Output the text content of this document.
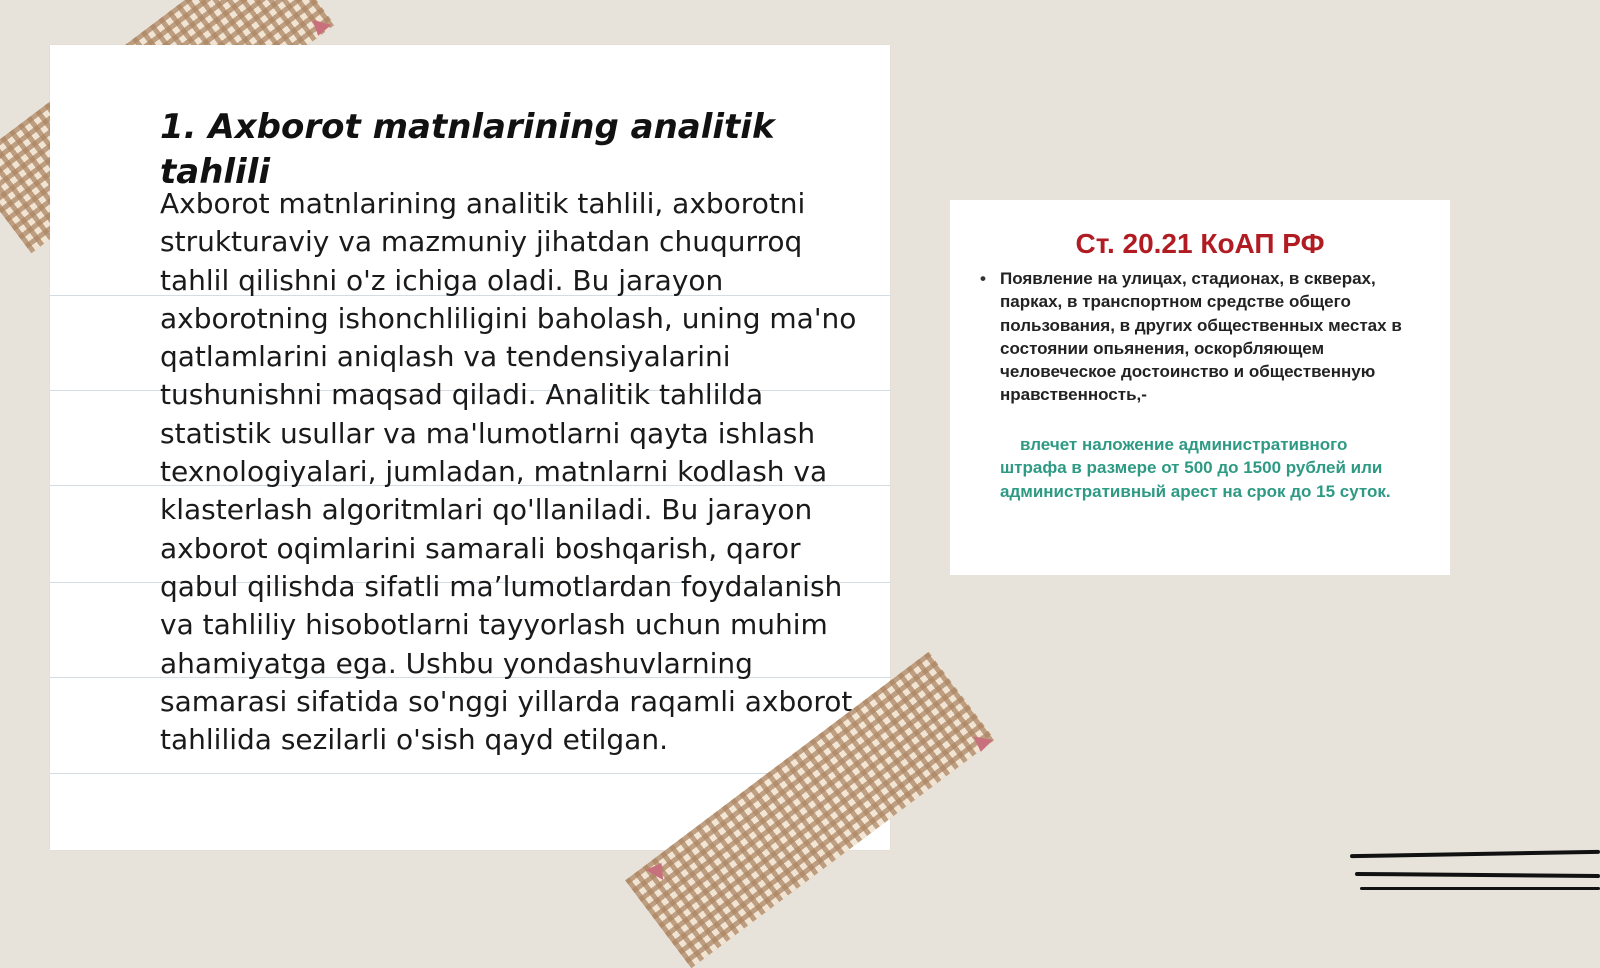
1. Axborot matnlarining analitik tahlili

Axborot matnlarining analitik tahlili, axborotni strukturaviy va mazmuniy jihatdan chuqurroq tahlil qilishni o'z ichiga oladi. Bu jarayon axborotning ishonchliligini baholash, uning ma'no qatlamlarini aniqlash va tendensiyalarini tushunishni maqsad qiladi. Analitik tahlilda statistik usullar va ma'lumotlarni qayta ishlash texnologiyalari, jumladan, matnlarni kodlash va klasterlash algoritmlari qo'llaniladi. Bu jarayon axborot oqimlarini samarali boshqarish, qaror qabul qilishda sifatli ma’lumotlardan foydalanish va tahliliy hisobotlarni tayyorlash uchun muhim ahamiyatga ega. Ushbu yondashuvlarning samarasi sifatida so'nggi yillarda raqamli axborot tahlilida sezilarli o'sish qayd etilgan.

Ст. 20.21 КоАП РФ
• Появление на улицах, стадионах, в скверах, парках, в транспортном средстве общего пользования, в других общественных местах в состоянии опьянения, оскорбляющем человеческое достоинство и общественную нравственность,-
влечет наложение административного штрафа в размере от 500 до 1500 рублей или административный арест на срок до 15 суток.
